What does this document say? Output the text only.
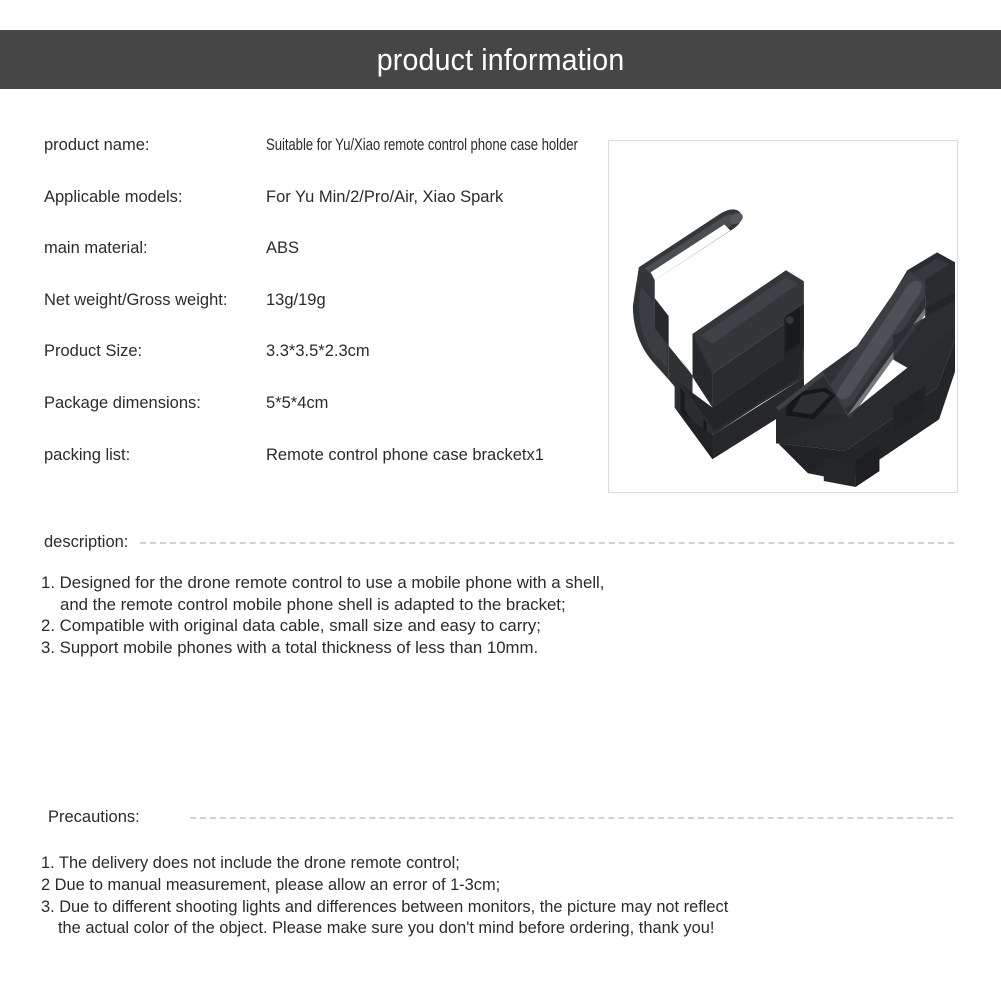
product information
product name:	Suitable for Yu/Xiao remote control phone case holder
Applicable models:	For Yu Min/2/Pro/Air, Xiao Spark
main material:	ABS
Net weight/Gross weight:	13g/19g
Product Size:	3.3*3.5*2.3cm
Package dimensions:	5*5*4cm
packing list:	Remote control phone case bracketx1
description:
1. Designed for the drone remote control to use a mobile phone with a shell,
and the remote control mobile phone shell is adapted to the bracket;
2. Compatible with original data cable, small size and easy to carry;
3. Support mobile phones with a total thickness of less than 10mm.
Precautions:
1. The delivery does not include the drone remote control;
2 Due to manual measurement, please allow an error of 1-3cm;
3. Due to different shooting lights and differences between monitors, the picture may not reflect
the actual color of the object. Please make sure you don't mind before ordering, thank you!
